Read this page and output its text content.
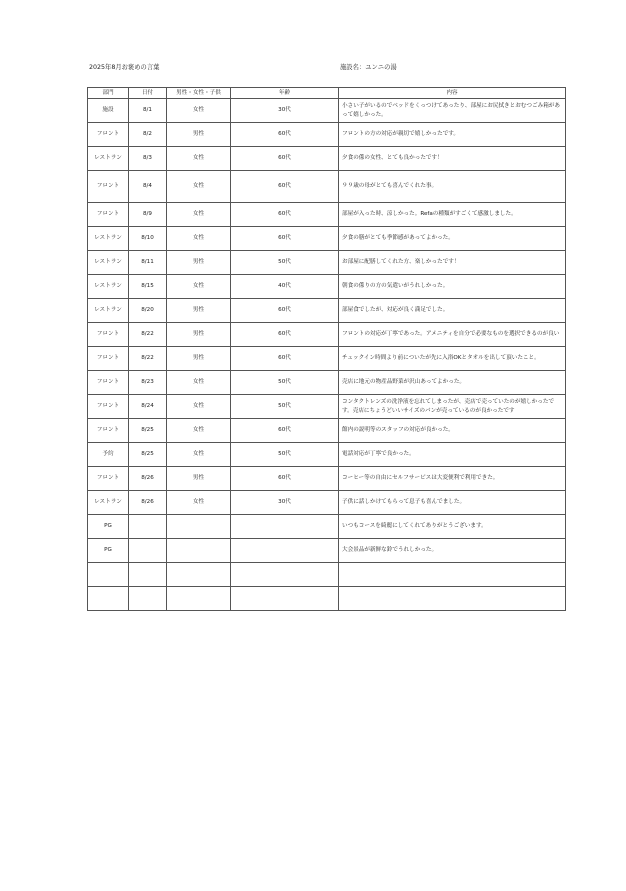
2025年8月お褒めの言葉	施設名：ユンニの湯
部門	日付	男性・女性・子供	年齢	内容
施設	8/1	女性	30代	小さい子がいるのでベッドをくっつけてあったり、部屋にお尻拭きとおむつごみ箱があって嬉しかった。
フロント	8/2	男性	60代	フロントの方の対応が親切で嬉しかったです。
レストラン	8/3	女性	60代	夕食の係の女性、とても良かったです！
フロント	8/4	女性	60代	９９歳の母がとても喜んでくれた事。
フロント	8/9	女性	60代	部屋が入った時、涼しかった。Refaの種類がすごくて感激しました。
レストラン	8/10	女性	60代	夕食の膳がとても季節感があってよかった。
レストラン	8/11	男性	50代	お部屋に配膳してくれた方、楽しかったです！
レストラン	8/15	女性	40代	朝食の係りの方の気遣いがうれしかった。
レストラン	8/20	男性	60代	部屋食でしたが、対応が良く満足でした。
フロント	8/22	男性	60代	フロントの対応が丁寧であった。アメニティを自分で必要なものを選択できるのが良い
フロント	8/22	男性	60代	チェックイン時間より前についたが先に入浴OKとタオルを出して頂いたこと。
フロント	8/23	女性	50代	売店に地元の物産品野菜が沢山あってよかった。
フロント	8/24	女性	50代	コンタクトレンズの洗浄液を忘れてしまったが、売店で売っていたのが嬉しかったです。売店にちょうどいいサイズのパンが売っているのが良かったです
フロント	8/25	女性	60代	館内の説明等のスタッフの対応が良かった。
予約	8/25	女性	50代	電話対応が丁寧で良かった。
フロント	8/26	男性	60代	コーヒー等の自由にセルフサービスは大変便利で利用できた。
レストラン	8/26	女性	30代	子供に話しかけてもらって息子も喜んでました。
PG				いつもコースを綺麗にしてくれてありがとうございます。
PG				大会景品が新鮮な鈴でうれしかった。
